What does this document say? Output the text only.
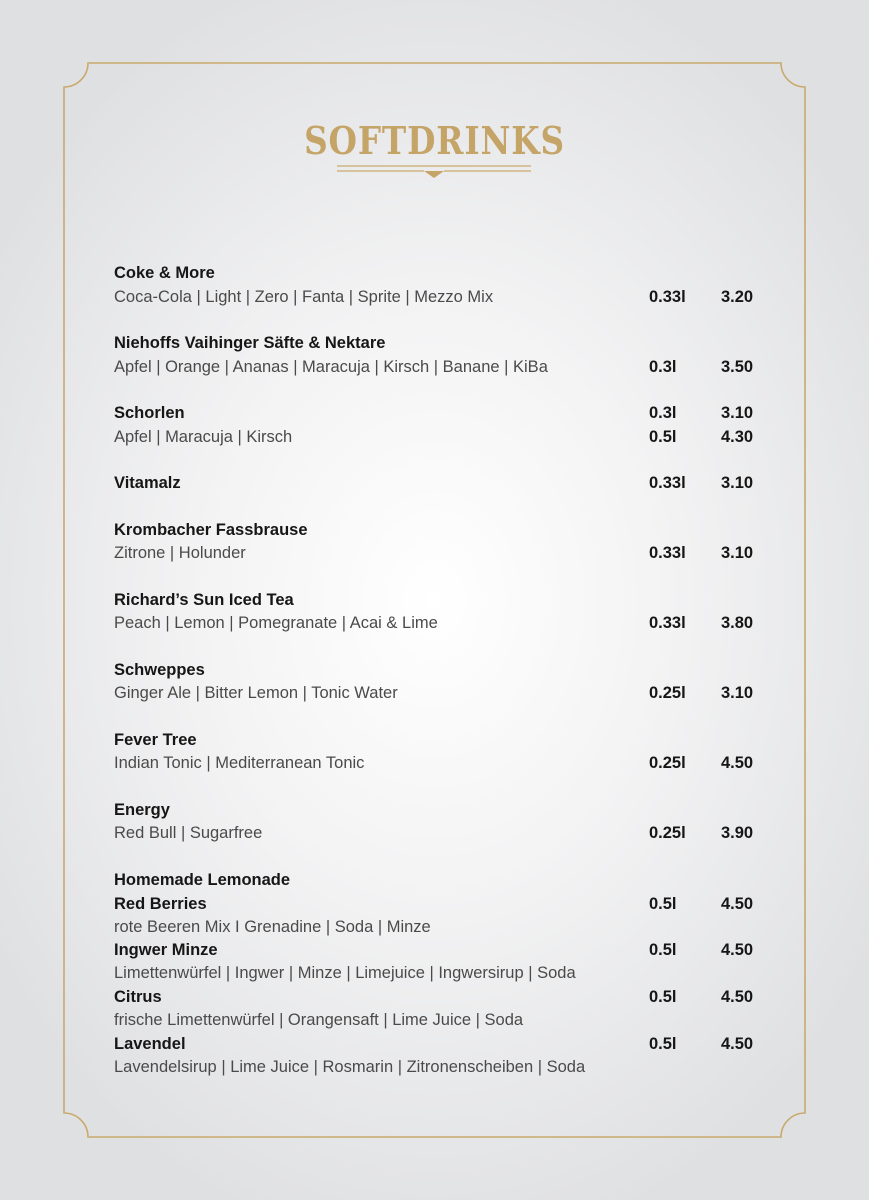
SOFTDRINKS
Coke & More
Coca-Cola | Light | Zero | Fanta | Sprite | Mezzo Mix	0.33l 3.20
Niehoffs Vaihinger Säfte & Nektare
Apfel | Orange | Ananas | Maracuja | Kirsch | Banane | KiBa	0.3l	3.50
Schorlen	0.3l	3.10
Apfel | Maracuja | Kirsch	0.5l	4.30
Vitamalz	0.33l 3.10
Krombacher Fassbrause
Zitrone | Holunder	0.33l 3.10
Richard’s Sun Iced Tea
Peach | Lemon | Pomegranate | Acai & Lime	0.33l 3.80
Schweppes
Ginger Ale | Bitter Lemon | Tonic Water	0.25l 3.10
Fever Tree
Indian Tonic | Mediterranean Tonic	0.25l 4.50
Energy
Red Bull | Sugarfree	0.25l 3.90
Homemade Lemonade
Red Berries	0.5l	4.50
rote Beeren Mix I Grenadine | Soda | Minze
Ingwer Minze	0.5l	4.50
Limettenwürfel | Ingwer | Minze | Limejuice | Ingwersirup | Soda
Citrus	0.5l	4.50
frische Limettenwürfel | Orangensaft | Lime Juice | Soda
Lavendel	0.5l	4.50
Lavendelsirup | Lime Juice | Rosmarin | Zitronenscheiben | Soda
